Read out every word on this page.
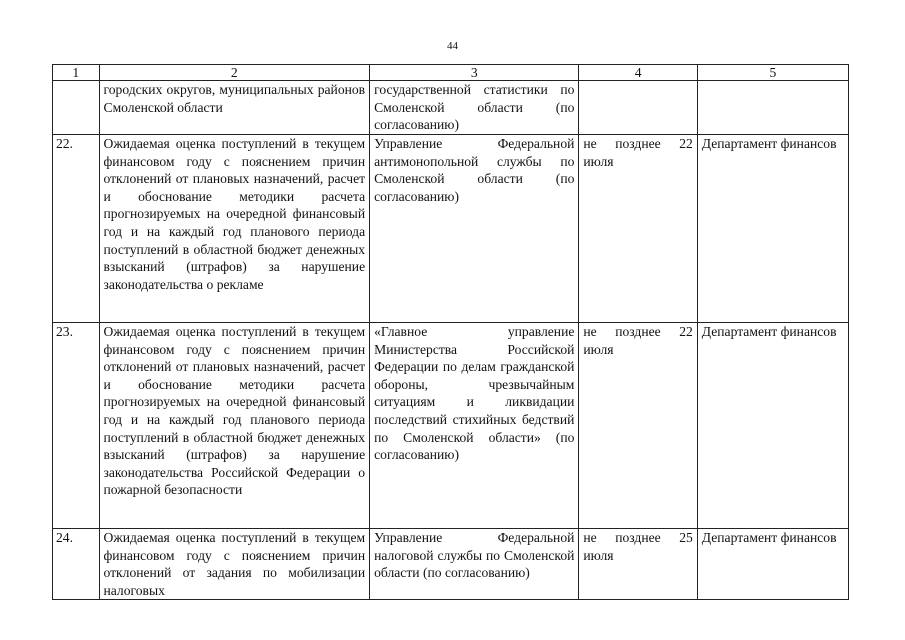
44
1	2	3	4	5
	городских округов, муниципальных районов Смоленской области	государственной статистики по Смоленской области (по согласованию)		
22.	Ожидаемая оценка поступлений в текущем финансовом году с пояснением причин отклонений от плановых назначений, расчет и обоснование методики расчета прогнозируемых на очередной финансовый год и на каждый год планового периода поступлений в областной бюджет денежных взысканий (штрафов) за нарушение законодательства о рекламе	Управление Федеральной антимонопольной службы по Смоленской области (по согласованию)	не позднее 22 июля	Департамент финансов
23.	Ожидаемая оценка поступлений в текущем финансовом году с пояснением причин отклонений от плановых назначений, расчет и обоснование методики расчета прогнозируемых на очередной финансовый год и на каждый год планового периода поступлений в областной бюджет денежных взысканий (штрафов) за нарушение законодательства Российской Федерации о пожарной безопасности	«Главное управление Министерства Российской Федерации по делам гражданской обороны, чрезвычайным ситуациям и ликвидации последствий стихийных бедствий по Смоленской области» (по согласованию)	не позднее 22 июля	Департамент финансов
24.	Ожидаемая оценка поступлений в текущем финансовом году с пояснением причин отклонений от задания по мобилизации налоговых	Управление Федеральной налоговой службы по Смоленской области (по согласованию)	не позднее 25 июля	Департамент финансов
